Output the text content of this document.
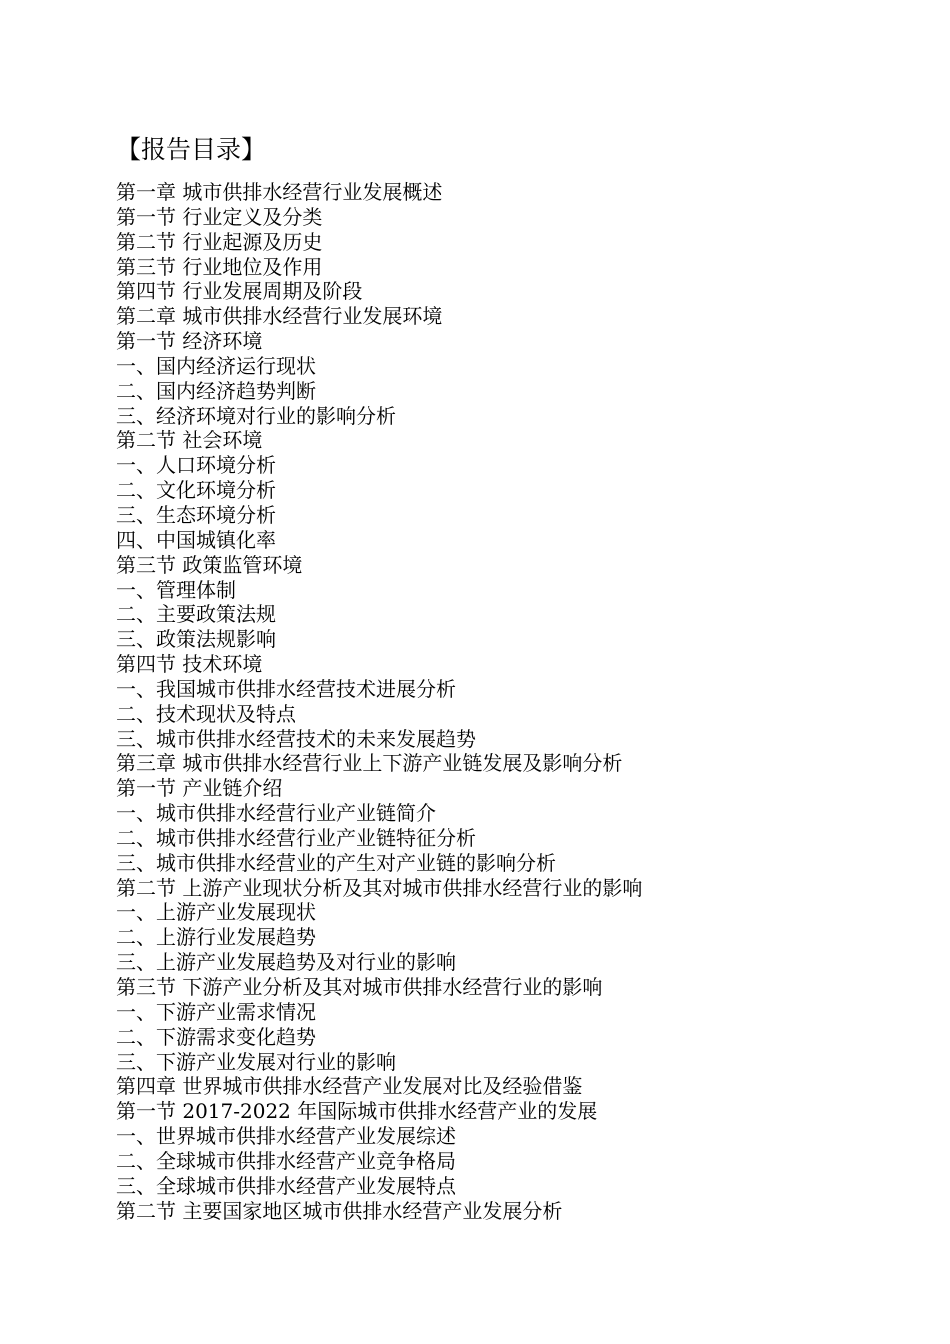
【报告目录】
第一章 城市供排水经营行业发展概述
第一节 行业定义及分类
第二节 行业起源及历史
第三节 行业地位及作用
第四节 行业发展周期及阶段
第二章 城市供排水经营行业发展环境
第一节 经济环境
一、国内经济运行现状
二、国内经济趋势判断
三、经济环境对行业的影响分析
第二节 社会环境
一、人口环境分析
二、文化环境分析
三、生态环境分析
四、中国城镇化率
第三节 政策监管环境
一、管理体制
二、主要政策法规
三、政策法规影响
第四节 技术环境
一、我国城市供排水经营技术进展分析
二、技术现状及特点
三、城市供排水经营技术的未来发展趋势
第三章 城市供排水经营行业上下游产业链发展及影响分析
第一节 产业链介绍
一、城市供排水经营行业产业链简介
二、城市供排水经营行业产业链特征分析
三、城市供排水经营业的产生对产业链的影响分析
第二节 上游产业现状分析及其对城市供排水经营行业的影响
一、上游产业发展现状
二、上游行业发展趋势
三、上游产业发展趋势及对行业的影响
第三节 下游产业分析及其对城市供排水经营行业的影响
一、下游产业需求情况
二、下游需求变化趋势
三、下游产业发展对行业的影响
第四章 世界城市供排水经营产业发展对比及经验借鉴
第一节 2017-2022 年国际城市供排水经营产业的发展
一、世界城市供排水经营产业发展综述
二、全球城市供排水经营产业竞争格局
三、全球城市供排水经营产业发展特点
第二节 主要国家地区城市供排水经营产业发展分析
